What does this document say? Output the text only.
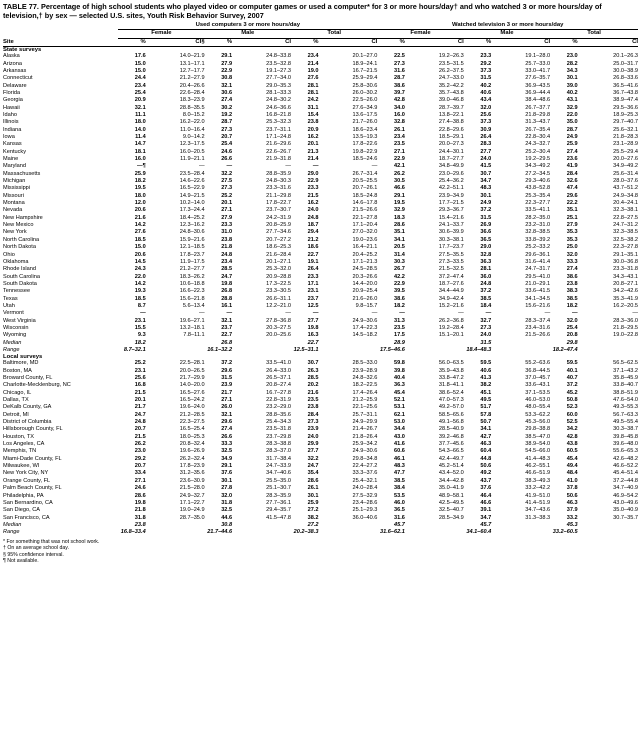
TABLE 77. Percentage of high school students who played video or computer games or used a computer* for 3 or more hours/day† and who watched 3 or more hours/day of television,† by sex — selected U.S. sites, Youth Risk Behavior Survey, 2007
	Used computers 3 or more hours/day						Watched television 3 or more hours/day					
	Female		Male		Total		Female		Male		Total	
Site	%	CI§	%	CI	%	CI	%	CI	%	CI	%	CI
State surveys												
Alaska	17.6	14.0–21.9	29.1	24.8–33.8	23.4	20.1–27.0	22.5	19.2–26.3	23.3	19.1–28.0	23.0	20.1–26.3
Arizona	15.0	13.1–17.1	27.9	23.5–32.8	21.4	18.9–24.1	27.3	23.5–31.5	29.2	25.7–33.0	28.2	25.0–31.7
Arkansas	15.0	12.7–17.7	22.9	19.1–27.3	19.0	16.7–21.5	31.6	26.2–37.5	37.3	33.0–41.7	34.3	30.0–38.9
Connecticut	24.4	21.2–27.9	30.8	27.7–34.0	27.6	25.9–29.4	28.7	24.7–33.0	31.5	27.6–35.7	30.1	26.8–33.6
Delaware	23.4	20.4–26.6	32.1	29.0–35.3	28.1	25.8–30.6	38.6	35.2–42.2	40.2	36.9–43.5	39.0	36.5–41.6
Florida	25.4	22.6–28.4	30.6	28.1–33.3	28.1	26.0–30.2	39.7	35.7–43.8	40.6	36.9–44.4	40.2	36.7–43.8
Georgia	20.9	18.3–23.9	27.4	24.8–30.2	24.2	22.5–26.0	42.8	39.0–46.8	43.4	38.4–48.6	43.1	38.9–47.4
Hawaii	32.1	28.8–35.5	30.2	24.6–36.6	31.1	27.6–34.9	34.0	28.7–39.7	32.0	26.7–37.7	32.9	29.5–36.6
Idaho	11.1	8.0–15.2	19.2	16.8–21.8	15.4	13.6–17.5	16.0	13.8–22.1	25.6	21.8–29.8	22.0	18.9–25.3
Illinois	18.0	16.2–22.0	28.7	25.3–32.3	23.8	21.7–26.0	32.8	27.4–38.8	37.3	31.3–43.7	35.0	29.7–40.7
Indiana	14.0	11.0–16.4	27.3	23.7–31.1	20.9	18.6–23.4	26.1	22.8–29.6	30.9	26.7–35.4	28.7	25.6–32.1
Iowa	11.4	9.0–14.2	20.7	17.1–24.8	16.2	13.5–19.3	23.4	18.5–29.1	26.4	22.8–30.4	24.9	21.8–28.3
Kansas	14.7	12.3–17.5	25.4	21.6–29.6	20.1	17.8–22.6	23.5	20.0–27.3	28.3	24.3–32.7	25.9	23.1–28.9
Kentucky	18.1	16.0–20.5	24.6	22.6–26.7	21.3	19.8–22.9	27.1	24.4–30.1	27.7	25.2–30.4	27.4	25.5–29.4
Maine	16.0	11.9–21.1	26.6	21.9–31.8	21.4	18.5–24.6	22.9	18.7–27.7	24.0	19.2–29.5	23.6	20.0–27.6
Maryland	—¶	—	—	—	—	—	42.1	34.8–49.9	41.5	34.3–49.2	41.9	34.9–49.2
Massachusetts	25.9	23.5–28.4	32.2	28.8–35.9	29.0	26.7–31.4	26.2	23.0–29.6	30.7	27.2–34.5	28.4	25.6–31.4
Michigan	18.2	14.6–22.6	27.5	24.8–30.3	22.9	20.5–25.5	30.5	25.4–36.2	34.7	29.3–40.6	32.6	28.0–37.6
Mississippi	19.5	16.5–22.9	27.3	23.3–31.6	23.3	20.7–26.1	46.6	42.2–51.1	48.3	43.8–52.8	47.4	43.7–51.2
Missouri	18.0	14.9–21.5	25.2	21.1–29.8	21.5	18.5–24.8	29.1	23.9–34.9	30.1	25.3–35.4	29.6	24.9–34.8
Montana	12.0	10.2–14.0	20.1	17.8–22.7	16.2	14.6–17.8	19.5	17.7–21.5	24.9	22.3–27.7	22.2	20.4–24.1
Nevada	20.6	17.3–24.4	27.1	23.7–30.7	24.0	21.5–26.6	32.9	29.3–36.7	37.2	33.5–41.1	35.1	32.3–38.1
New Hampshire	21.6	18.4–25.2	27.9	24.2–31.9	24.8	22.1–27.8	18.3	15.4–21.6	31.5	28.2–35.0	25.1	22.8–27.5
New Mexico	14.2	12.3–16.2	23.3	20.8–25.9	18.7	17.1–20.4	28.6	24.1–33.7	26.9	23.2–31.0	27.9	24.7–31.2
New York	27.6	24.8–30.6	31.0	27.7–34.6	29.4	27.0–32.0	35.1	30.6–39.9	36.6	32.8–38.5	35.3	32.3–38.5
North Carolina	18.5	15.9–21.6	23.8	20.7–27.2	21.2	19.0–23.6	34.1	30.3–38.1	36.5	33.8–39.2	35.3	32.5–38.2
North Dakota	15.0	12.1–18.5	21.8	18.6–25.3	18.6	16.4–21.1	20.5	17.7–23.7	29.0	25.2–33.2	25.0	22.3–27.8
Ohio	20.6	17.8–23.7	24.8	21.6–28.4	22.7	20.4–25.2	31.4	27.5–35.5	32.8	29.6–36.1	32.0	29.1–35.1
Oklahoma	14.5	11.9–17.5	23.4	20.1–27.1	19.1	17.1–21.3	30.3	27.3–33.5	36.3	31.6–41.4	33.3	30.0–36.8
Rhode Island	24.3	21.2–27.7	28.5	25.3–32.0	26.4	24.5–28.5	26.7	21.5–32.5	28.1	24.7–31.7	27.4	23.3–31.8
South Carolina	22.0	18.3–26.2	24.7	20.9–28.8	23.3	20.3–26.6	42.2	37.2–47.4	36.0	29.5–41.0	38.6	34.3–43.1
South Dakota	14.2	10.6–18.8	19.8	17.3–22.5	17.1	14.4–20.0	22.9	18.7–27.6	24.8	21.0–29.1	23.8	20.8–27.1
Tennessee	19.3	16.6–22.3	26.8	23.3–30.5	23.1	20.9–25.4	39.5	34.4–44.9	37.2	33.6–41.5	38.3	34.2–42.6
Texas	18.5	15.6–21.8	28.8	26.6–31.1	23.7	21.6–26.0	38.6	34.9–42.4	38.5	34.1–34.5	38.5	35.3–41.9
Utah	8.7	5.6–13.4	16.1	12.2–21.0	12.5	9.8–15.7	18.2	15.2–21.6	18.4	15.6–21.6	18.2	16.2–20.5
Vermont	—	—	—	—	—	—	—	—	—	—	—	—
West Virginia	23.1	19.6–27.1	32.1	27.8–36.8	27.7	24.9–30.6	31.3	26.2–36.8	32.7	28.3–37.4	32.0	28.3–36.0
Wisconsin	15.5	13.2–18.1	23.7	20.3–27.5	19.8	17.4–22.3	23.5	19.2–28.4	27.3	23.4–31.6	25.4	21.8–29.5
Wyoming	9.3	7.8–11.1	22.7	20.0–25.6	16.3	14.5–18.2	17.5	15.1–20.1	24.0	21.5–26.6	20.8	19.0–22.8
Median	18.2		26.8		22.7		28.9		31.5		29.8	
Range	8.7–32.1		16.1–32.2		12.5–31.1		17.5–46.6		18.4–48.3		18.2–47.4	
Local surveys												
Baltimore, MD	25.2	22.5–28.1	37.2	33.5–41.0	30.7	28.5–33.0	59.8	56.0–63.5	59.5	55.2–63.6	59.5	56.5–62.5
Boston, MA	23.1	20.0–26.5	29.6	26.4–33.0	26.3	23.9–28.9	39.8	35.9–43.8	40.6	36.8–44.5	40.1	37.1–43.2
Broward County, FL	25.6	21.7–29.9	31.5	26.5–37.1	28.5	24.8–32.6	40.4	33.8–47.2	41.3	37.0–45.7	40.7	35.8–45.9
Charlotte-Mecklenburg, NC	16.8	14.0–20.0	23.9	20.8–27.4	20.2	18.2–22.5	36.3	31.8–41.1	38.2	33.6–43.1	37.2	33.8–40.7
Chicago, IL	21.5	16.5–27.6	21.7	16.7–27.8	21.6	17.4–26.4	45.4	38.6–52.4	45.1	37.1–53.5	45.2	38.8–51.9
Dallas, TX	20.1	16.5–24.2	27.1	22.8–31.9	23.5	21.2–25.9	52.1	47.0–57.3	49.5	46.0–53.0	50.8	47.6–54.0
DeKalb County, GA	21.7	19.6–24.0	26.0	23.2–29.0	23.8	22.1–25.6	53.1	49.2–57.0	51.7	48.0–55.4	52.3	49.3–55.3
Detroit, MI	24.7	21.2–28.5	32.1	28.8–35.6	28.4	25.7–31.1	62.1	58.5–65.6	57.8	53.3–62.2	60.0	56.7–63.3
District of Columbia	24.8	22.3–27.5	29.6	25.4–34.3	27.3	24.9–29.9	53.0	49.1–56.8	50.7	45.3–56.0	52.5	49.5–55.4
Hillsborough County, FL	20.7	16.5–25.4	27.4	23.5–31.8	23.9	21.4–26.7	34.4	28.5–40.9	34.1	29.8–38.8	34.2	30.3–38.7
Houston, TX	21.5	18.0–25.3	26.6	23.7–29.8	24.0	21.8–26.4	43.0	39.2–46.8	42.7	38.5–47.0	42.8	39.8–45.8
Los Angeles, CA	26.2	20.8–32.4	33.3	28.3–38.8	29.9	25.9–34.2	41.6	37.7–45.6	46.3	38.9–54.0	43.8	39.6–48.0
Memphis, TN	23.0	19.6–26.9	32.5	28.3–37.0	27.7	24.9–30.6	60.6	54.3–66.5	60.4	54.5–66.0	60.5	55.6–65.3
Miami-Dade County, FL	29.2	26.2–32.4	34.9	31.7–38.4	32.2	29.8–34.8	46.1	42.4–49.7	44.8	41.4–48.3	45.4	42.6–48.2
Milwaukee, WI	20.7	17.8–23.9	29.1	24.7–33.9	24.7	22.4–27.2	48.3	45.2–51.4	50.6	46.2–55.1	49.4	46.6–52.2
New York City, NY	33.4	31.2–35.6	37.6	34.7–40.6	35.4	33.3–37.6	47.7	43.4–52.0	49.2	46.6–51.9	48.4	45.4–51.4
Orange County, FL	27.1	23.6–30.9	30.1	25.5–35.0	28.6	25.4–32.1	38.5	34.4–42.8	43.7	38.3–49.3	41.0	37.2–44.8
Palm Beach County, FL	24.6	21.5–28.0	27.8	25.1–30.7	26.1	24.0–28.4	38.4	35.0–41.9	37.6	33.2–42.2	37.8	34.7–40.9
Philadelphia, PA	28.6	24.9–32.7	32.0	28.3–35.9	30.1	27.5–32.9	53.5	48.9–58.1	46.4	41.9–51.0	50.6	46.9–54.2
San Bernardino, CA	19.8	17.1–22.7	31.8	27.7–36.1	25.9	23.4–28.6	46.0	42.5–49.5	46.6	41.4–51.9	46.3	43.0–49.6
San Diego, CA	21.8	19.0–24.9	32.5	29.4–35.7	27.2	25.1–29.3	36.5	32.5–40.7	39.1	34.7–43.6	37.9	35.0–40.9
San Francisco, CA	31.8	28.7–35.0	44.6	41.5–47.8	38.2	36.0–40.6	31.6	28.5–34.9	34.7	31.3–38.3	33.2	30.7–35.7
Median	23.8		30.8		27.2		45.7		45.7		45.3	
Range	16.8–33.4		21.7–44.6		20.2–38.3		31.6–62.1		34.1–60.4		33.2–60.5	
* For something that was not school work.
† On an average school day.
§ 95% confidence interval.
¶ Not available.
